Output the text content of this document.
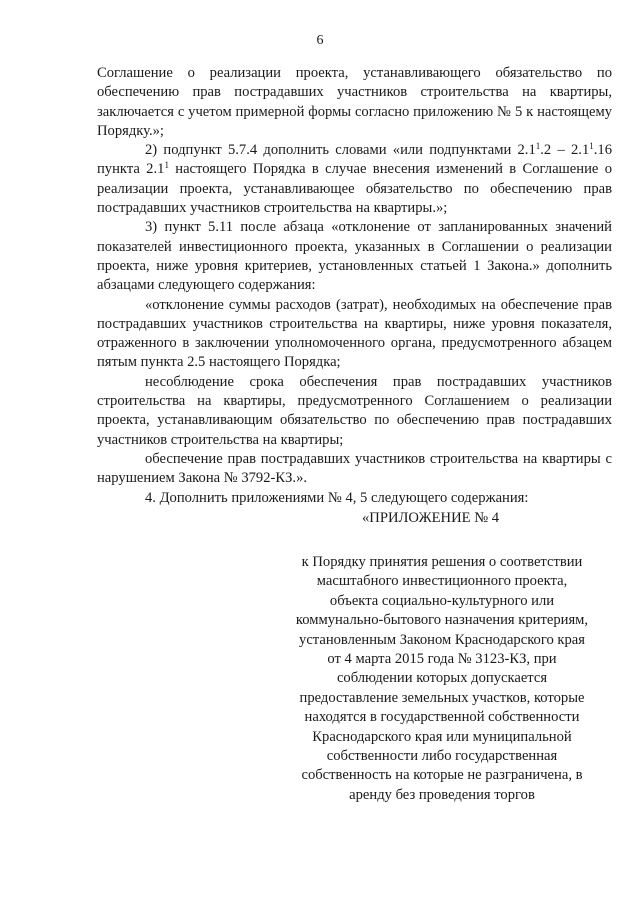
6

Соглашение о реализации проекта, устанавливающего обязательство по обеспечению прав пострадавших участников строительства на квартиры, заключается с учетом примерной формы согласно приложению № 5 к настоящему Порядку.»;

2) подпункт 5.7.4 дополнить словами «или подпунктами $2.1^1.2 - 2.1^1.16$ пункта $2.1^1$ настоящего Порядка в случае внесения изменений в Соглашение о реализации проекта, устанавливающее обязательство по обеспечению прав пострадавших участников строительства на квартиры.»;

3) пункт 5.11 после абзаца «отклонение от запланированных значений показателей инвестиционного проекта, указанных в Соглашении о реализации проекта, ниже уровня критериев, установленных статьей 1 Закона.» дополнить абзацами следующего содержания:

«отклонение суммы расходов (затрат), необходимых на обеспечение прав пострадавших участников строительства на квартиры, ниже уровня показателя, отраженного в заключении уполномоченного органа, предусмотренного абзацем пятым пункта 2.5 настоящего Порядка;

несоблюдение срока обеспечения прав пострадавших участников строительства на квартиры, предусмотренного Соглашением о реализации проекта, устанавливающим обязательство по обеспечению прав пострадавших участников строительства на квартиры;

обеспечение прав пострадавших участников строительства на квартиры с нарушением Закона № 3792-КЗ.».

4. Дополнить приложениями № 4, 5 следующего содержания:

«ПРИЛОЖЕНИЕ № 4
к Порядку принятия решения о соответствии
масштабного инвестиционного проекта,
объекта социально-культурного или
коммунально-бытового назначения критериям,
установленным Законом Краснодарского края
от 4 марта 2015 года № 3123-КЗ, при
соблюдении которых допускается
предоставление земельных участков, которые
находятся в государственной собственности
Краснодарского края или муниципальной
собственности либо государственная
собственность на которые не разграничена, в
аренду без проведения торгов
